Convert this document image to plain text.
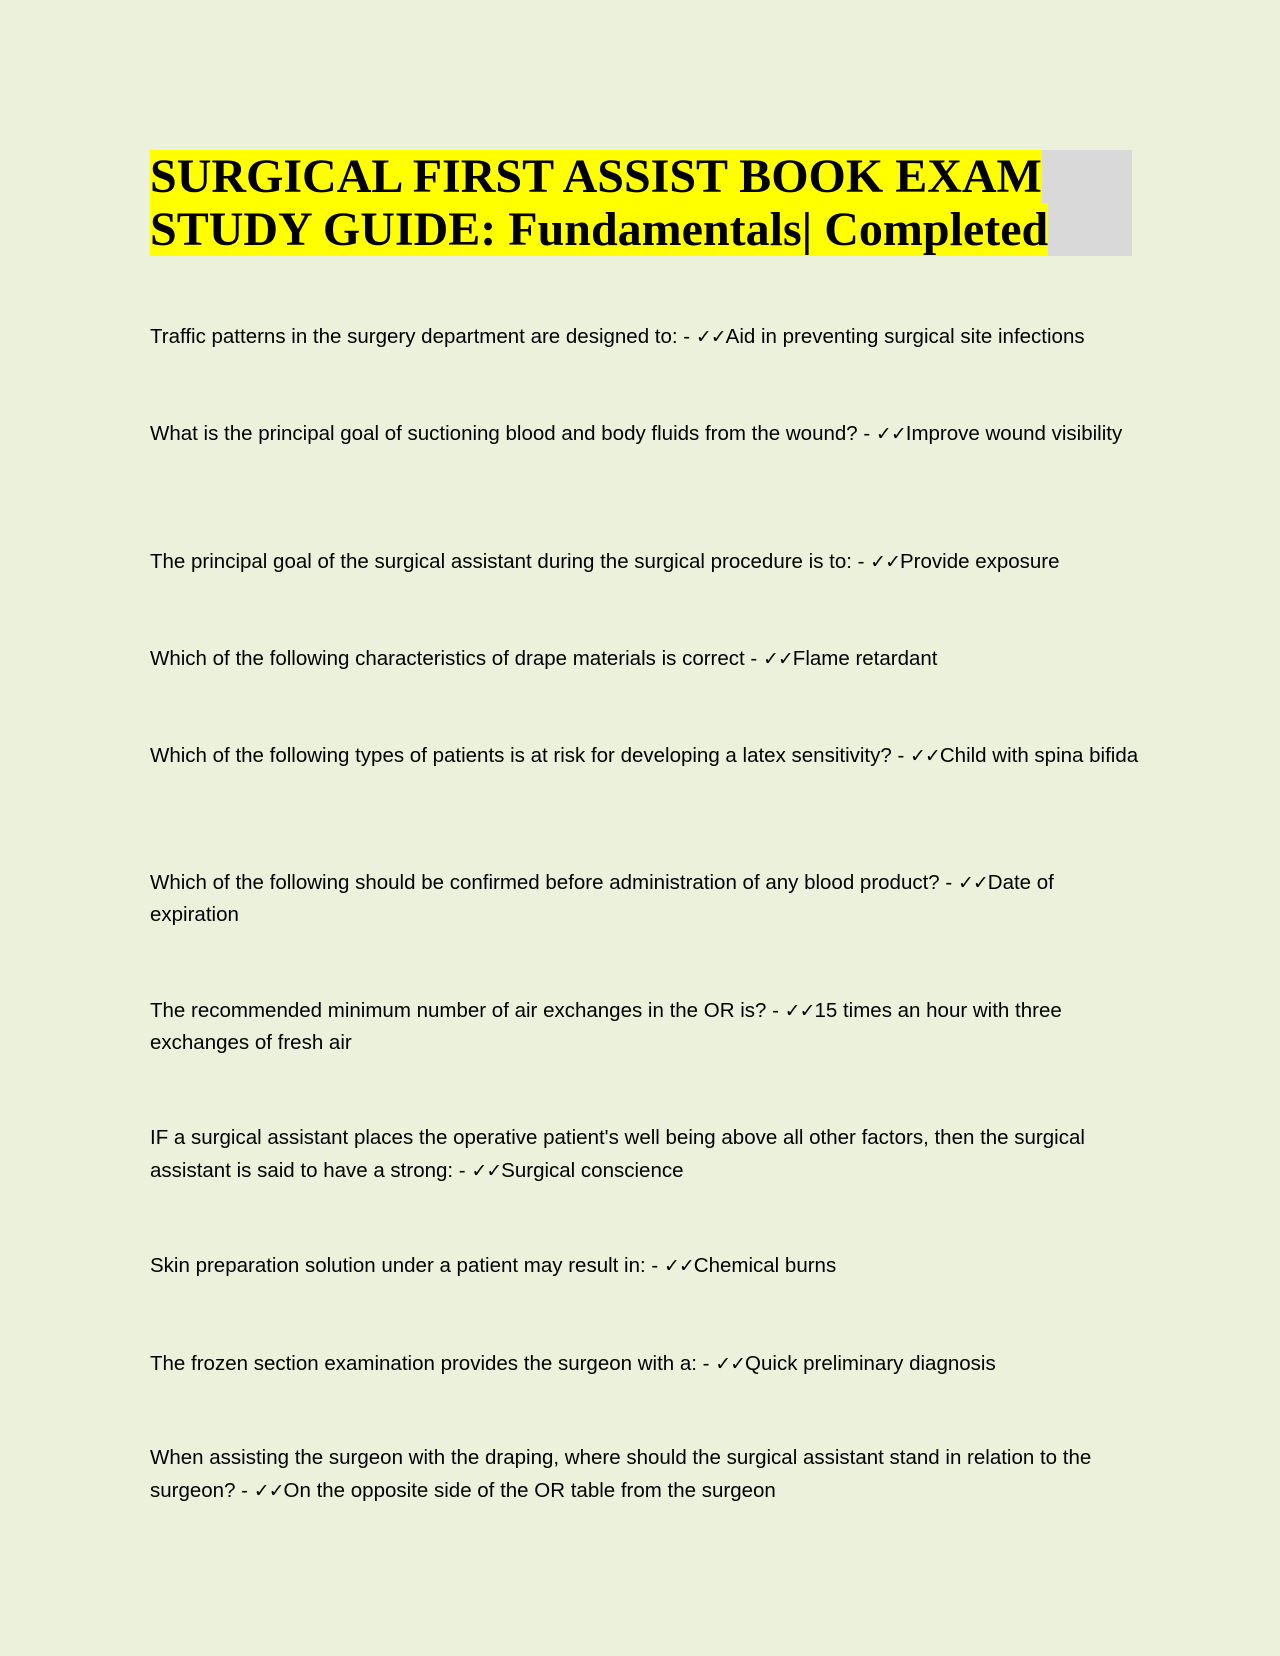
SURGICAL FIRST ASSIST BOOK EXAM
STUDY GUIDE: Fundamentals| Completed
Traffic patterns in the surgery department are designed to: - ✓✓Aid in preventing surgical site infections
What is the principal goal of suctioning blood and body fluids from the wound? - ✓✓Improve wound visibility
The principal goal of the surgical assistant during the surgical procedure is to: - ✓✓Provide exposure
Which of the following characteristics of drape materials is correct - ✓✓Flame retardant
Which of the following types of patients is at risk for developing a latex sensitivity? - ✓✓Child with spina bifida
Which of the following should be confirmed before administration of any blood product? - ✓✓Date of expiration
The recommended minimum number of air exchanges in the OR is? - ✓✓15 times an hour with three exchanges of fresh air
IF a surgical assistant places the operative patient's well being above all other factors, then the surgical assistant is said to have a strong: - ✓✓Surgical conscience
Skin preparation solution under a patient may result in: - ✓✓Chemical burns
The frozen section examination provides the surgeon with a: - ✓✓Quick preliminary diagnosis
When assisting the surgeon with the draping, where should the surgical assistant stand in relation to the surgeon? - ✓✓On the opposite side of the OR table from the surgeon
